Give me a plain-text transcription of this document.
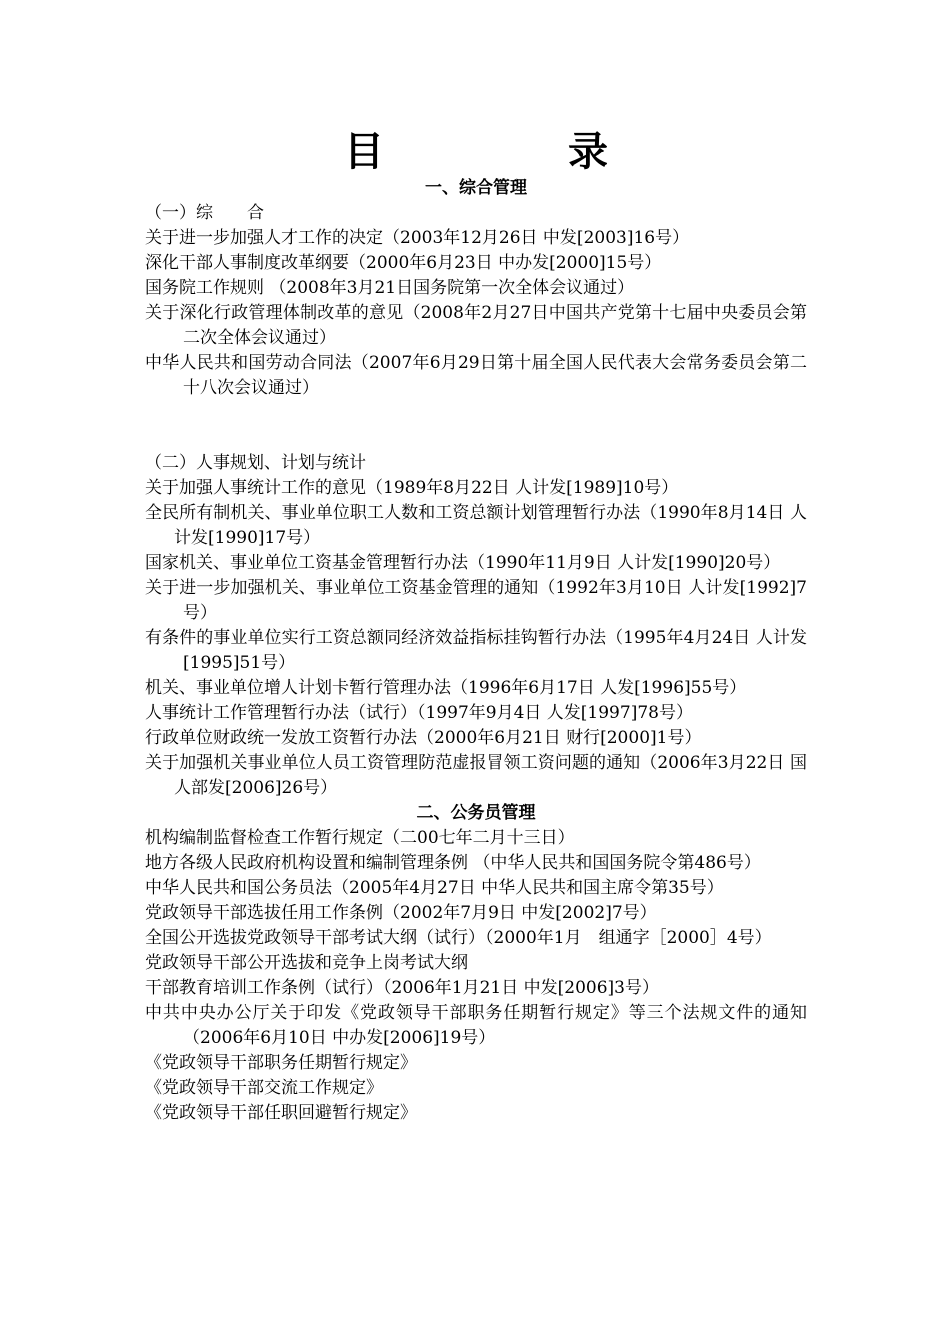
目　录
一、综合管理
（一）综　　合
关于进一步加强人才工作的决定（2003年12月26日 中发[2003]16号）
深化干部人事制度改革纲要（2000年6月23日 中办发[2000]15号）
国务院工作规则 （2008年3月21日国务院第一次全体会议通过）
关于深化行政管理体制改革的意见（2008年2月27日中国共产党第十七届中央委员会第二次全体会议通过）
中华人民共和国劳动合同法（2007年6月29日第十届全国人民代表大会常务委员会第二十八次会议通过）
（二）人事规划、计划与统计
关于加强人事统计工作的意见（1989年8月22日 人计发[1989]10号）
全民所有制机关、事业单位职工人数和工资总额计划管理暂行办法（1990年8月14日 人计发[1990]17号）
国家机关、事业单位工资基金管理暂行办法（1990年11月9日 人计发[1990]20号）
关于进一步加强机关、事业单位工资基金管理的通知（1992年3月10日 人计发[1992]7号）
有条件的事业单位实行工资总额同经济效益指标挂钩暂行办法（1995年4月24日 人计发[1995]51号）
机关、事业单位增人计划卡暂行管理办法（1996年6月17日 人发[1996]55号）
人事统计工作管理暂行办法（试行）（1997年9月4日 人发[1997]78号）
行政单位财政统一发放工资暂行办法（2000年6月21日 财行[2000]1号）
关于加强机关事业单位人员工资管理防范虚报冒领工资问题的通知（2006年3月22日 国人部发[2006]26号）
二、公务员管理
机构编制监督检查工作暂行规定（二00七年二月十三日）
地方各级人民政府机构设置和编制管理条例 （中华人民共和国国务院令第486号）
中华人民共和国公务员法（2005年4月27日 中华人民共和国主席令第35号）
党政领导干部选拔任用工作条例（2002年7月9日 中发[2002]7号）
全国公开选拔党政领导干部考试大纲（试行）（2000年1月　组通字［2000］4号）
党政领导干部公开选拔和竞争上岗考试大纲
干部教育培训工作条例（试行）（2006年1月21日 中发[2006]3号）
中共中央办公厅关于印发《党政领导干部职务任期暂行规定》等三个法规文件的通知（2006年6月10日 中办发[2006]19号）
《党政领导干部职务任期暂行规定》
《党政领导干部交流工作规定》
《党政领导干部任职回避暂行规定》
